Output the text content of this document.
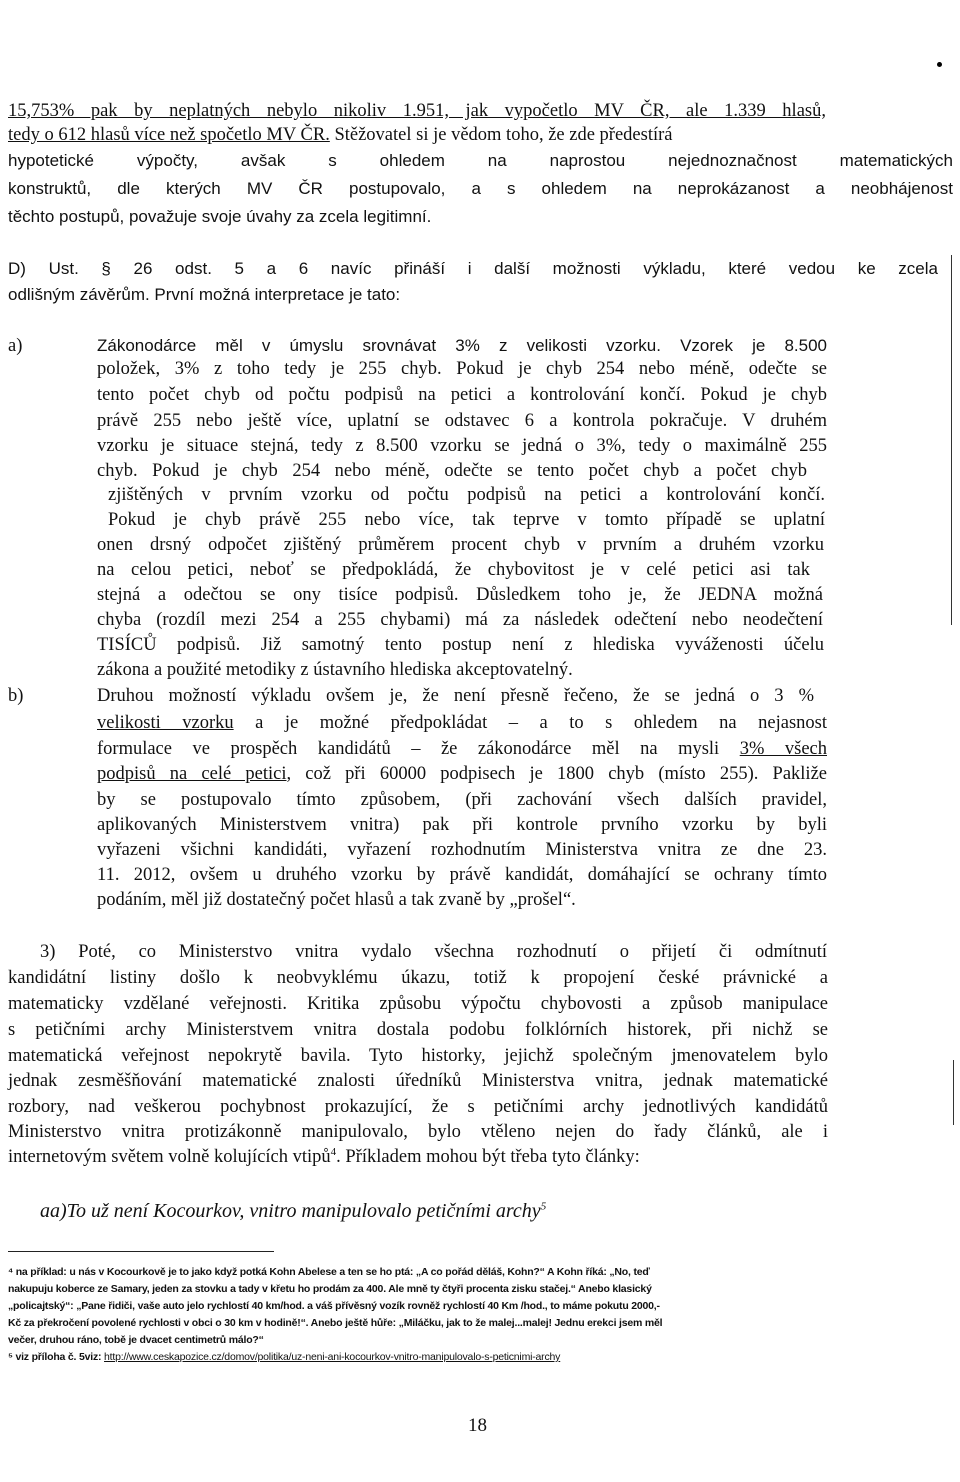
15,753% pak by neplatných nebylo nikoliv 1.951, jak vypočetlo MV ČR, ale 1.339 hlasů,
tedy o 612 hlasů více než spočetlo MV ČR. Stěžovatel si je vědom toho, že zde předestírá
hypotetické výpočty, avšak s ohledem na naprostou nejednoznačnost matematických
konstruktů, dle kterých MV ČR postupovalo, a s ohledem na neprokázanost a neobhájenost
těchto postupů, považuje svoje úvahy za zcela legitimní.
D) Ust. § 26 odst. 5 a 6 navíc přináší i další možnosti výkladu, které vedou ke zcela
odlišným závěrům. První možná interpretace je tato:
a)	Zákonodárce měl v úmyslu srovnávat 3% z velikosti vzorku. Vzorek je 8.500
položek, 3% z toho tedy je 255 chyb. Pokud je chyb 254 nebo méně, odečte se
tento počet chyb od počtu podpisů na petici a kontrolování končí. Pokud je chyb
právě 255 nebo ještě více, uplatní se odstavec 6 a kontrola pokračuje. V druhém
vzorku je situace stejná, tedy z 8.500 vzorku se jedná o 3%, tedy o maximálně 255
chyb. Pokud je chyb 254 nebo méně, odečte se tento počet chyb a počet chyb
zjištěných v prvním vzorku od počtu podpisů na petici a kontrolování končí.
Pokud je chyb právě 255 nebo více, tak teprve v tomto případě se uplatní
onen drsný odpočet zjištěný průměrem procent chyb v prvním a druhém vzorku
na celou petici, neboť se předpokládá, že chybovitost je v celé petici asi tak
stejná a odečtou se ony tisíce podpisů. Důsledkem toho je, že JEDNA možná
chyba (rozdíl mezi 254 a 255 chybami) má za následek odečtení nebo neodečtení
TISÍCŮ podpisů. Již samotný tento postup není z hlediska vyváženosti účelu
zákona a použité metodiky z ústavního hlediska akceptovatelný.
b)	Druhou možností výkladu ovšem je, že není přesně řečeno, že se jedná o 3 %
velikosti vzorku a je možné předpokládat – a to s ohledem na nejasnost
formulace ve prospěch kandidátů – že zákonodárce měl na mysli 3% všech
podpisů na celé petici, což při 60000 podpisech je 1800 chyb (místo 255). Pakliže
by se postupovalo tímto způsobem, (při zachování všech dalších pravidel,
aplikovaných Ministerstvem vnitra) pak při kontrole prvního vzorku by byli
vyřazeni všichni kandidáti, vyřazení rozhodnutím Ministerstva vnitra ze dne 23.
11. 2012, ovšem u druhého vzorku by právě kandidát, domáhající se ochrany tímto
podáním, měl již dostatečný počet hlasů a tak zvaně by „prošel“.
3) Poté, co Ministerstvo vnitra vydalo všechna rozhodnutí o přijetí či odmítnutí
kandidátní listiny došlo k neobvyklému úkazu, totiž k propojení české právnické a
matematicky vzdělané veřejnosti. Kritika způsobu výpočtu chybovosti a způsob manipulace
s petičními archy Ministerstvem vnitra dostala podobu folklórních historek, při nichž se
matematická veřejnost nepokrytě bavila. Tyto historky, jejichž společným jmenovatelem bylo
jednak zesměšňování matematické znalosti úředníků Ministerstva vnitra, jednak matematické
rozbory, nad veškerou pochybnost prokazující, že s petičními archy jednotlivých kandidátů
Ministerstvo vnitra protizákonně manipulovalo, bylo vtěleno nejen do řady článků, ale i
internetovým světem volně kolujících vtipů$^4$. Příkladem mohou být třeba tyto články:
aa)To už není Kocourkov, vnitro manipulovalo petičními archy$^5$
⁴ na příklad: u nás v Kocourkově je to jako když potká Kohn Abelese a ten se ho ptá: „A co pořád děláš, Kohn?“ A Kohn říká: „No, teď
nakupuju koberce ze Samary, jeden za stovku a tady v křetu ho prodám za 400. Ale mně ty čtyři procenta zisku stačej.“ Anebo klasický
„policajtský“: „Pane řidiči, vaše auto jelo rychlostí 40 km/hod. a váš přívěsný vozík rovněž rychlostí 40 Km /hod., to máme pokutu 2000,-
Kč za překročení povolené rychlosti v obci o 30 km v hodině!“. Anebo ještě hůře: „Miláčku, jak to že malej...malej! Jednu erekci jsem měl
večer, druhou ráno, tobě je dvacet centimetrů málo?“
⁵ viz příloha č. 5viz: http://www.ceskapozice.cz/domov/politika/uz-neni-ani-kocourkov-vnitro-manipulovalo-s-peticnimi-archy
18
